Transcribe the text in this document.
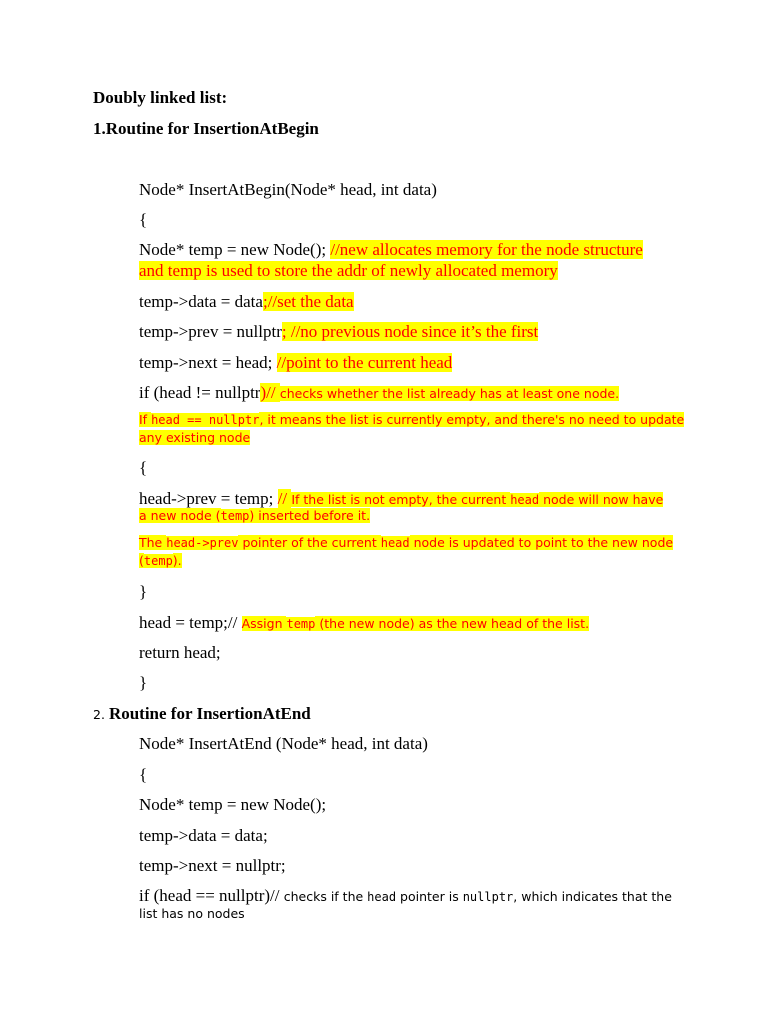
Doubly linked list:
1.Routine for InsertionAtBegin
Node* InsertAtBegin(Node* head, int data)
{
Node* temp = new Node(); //new allocates memory for the node structure
and temp is used to store the addr of newly allocated memory
temp->data = data;//set the data
temp->prev = nullptr; //no previous node since it’s the first
temp->next = head; //point to the current head
if (head != nullptr)// checks whether the list already has at least one node.
If head == nullptr, it means the list is currently empty, and there's no need to update
any existing node
{
head->prev = temp; // If the list is not empty, the current head node will now have
a new node (temp) inserted before it.
The head->prev pointer of the current head node is updated to point to the new node
(temp).
}
head = temp;// Assign temp (the new node) as the new head of the list.
return head;
}
2. Routine for InsertionAtEnd
Node* InsertAtEnd (Node* head, int data)
{
Node* temp = new Node();
temp->data = data;
temp->next = nullptr;
if (head == nullptr)// checks if the head pointer is nullptr, which indicates that the
list has no nodes
